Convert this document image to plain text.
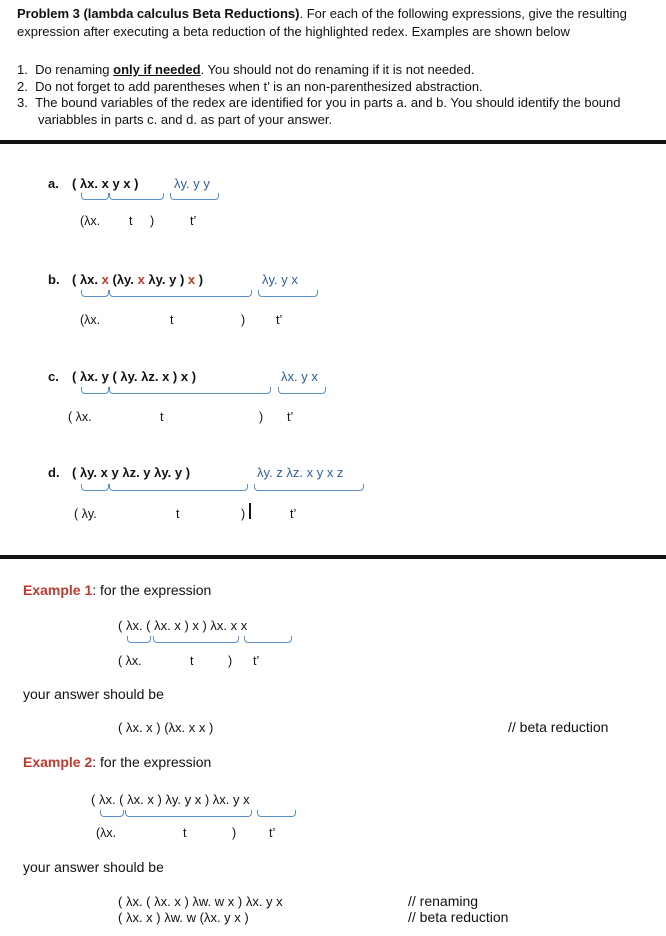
Problem 3 (lambda calculus Beta Reductions). For each of the following expressions, give the resulting
expression after executing a beta reduction of the highlighted redex. Examples are shown below
1. Do renaming only if needed. You should not do renaming if it is not needed.
2. Do not forget to add parentheses when t’ is an non-parenthesized abstraction.
3. The bound variables of the redex are identified for you in parts a. and b. You should identify the bound
variabbles in parts c. and d. as part of your answer.
a. ( λx. x y x )	λy. y y
(λx. t )	t’
b. ( λx. x (λy. x λy. y ) x )	λy. y x
(λx.	t	) t’
c. ( λx. y ( λy. λz. x ) x )	λx. y x
( λx.	t	) t’
d. ( λy. x y λz. y λy. y )	λy. z λz. x y x z
( λy.	t	)	t’
Example 1: for the expression
( λx. ( λx. x ) x ) λx. x x
( λx.	t	) t’
your answer should be
( λx. x ) (λx. x x )	// beta reduction
Example 2: for the expression
( λx. ( λx. x ) λy. y x ) λx. y x
(λx.	t	)	t’
your answer should be
( λx. ( λx. x ) λw. w x ) λx. y x
( λx. x ) λw. w (λx. y x )
// renaming
// beta reduction
